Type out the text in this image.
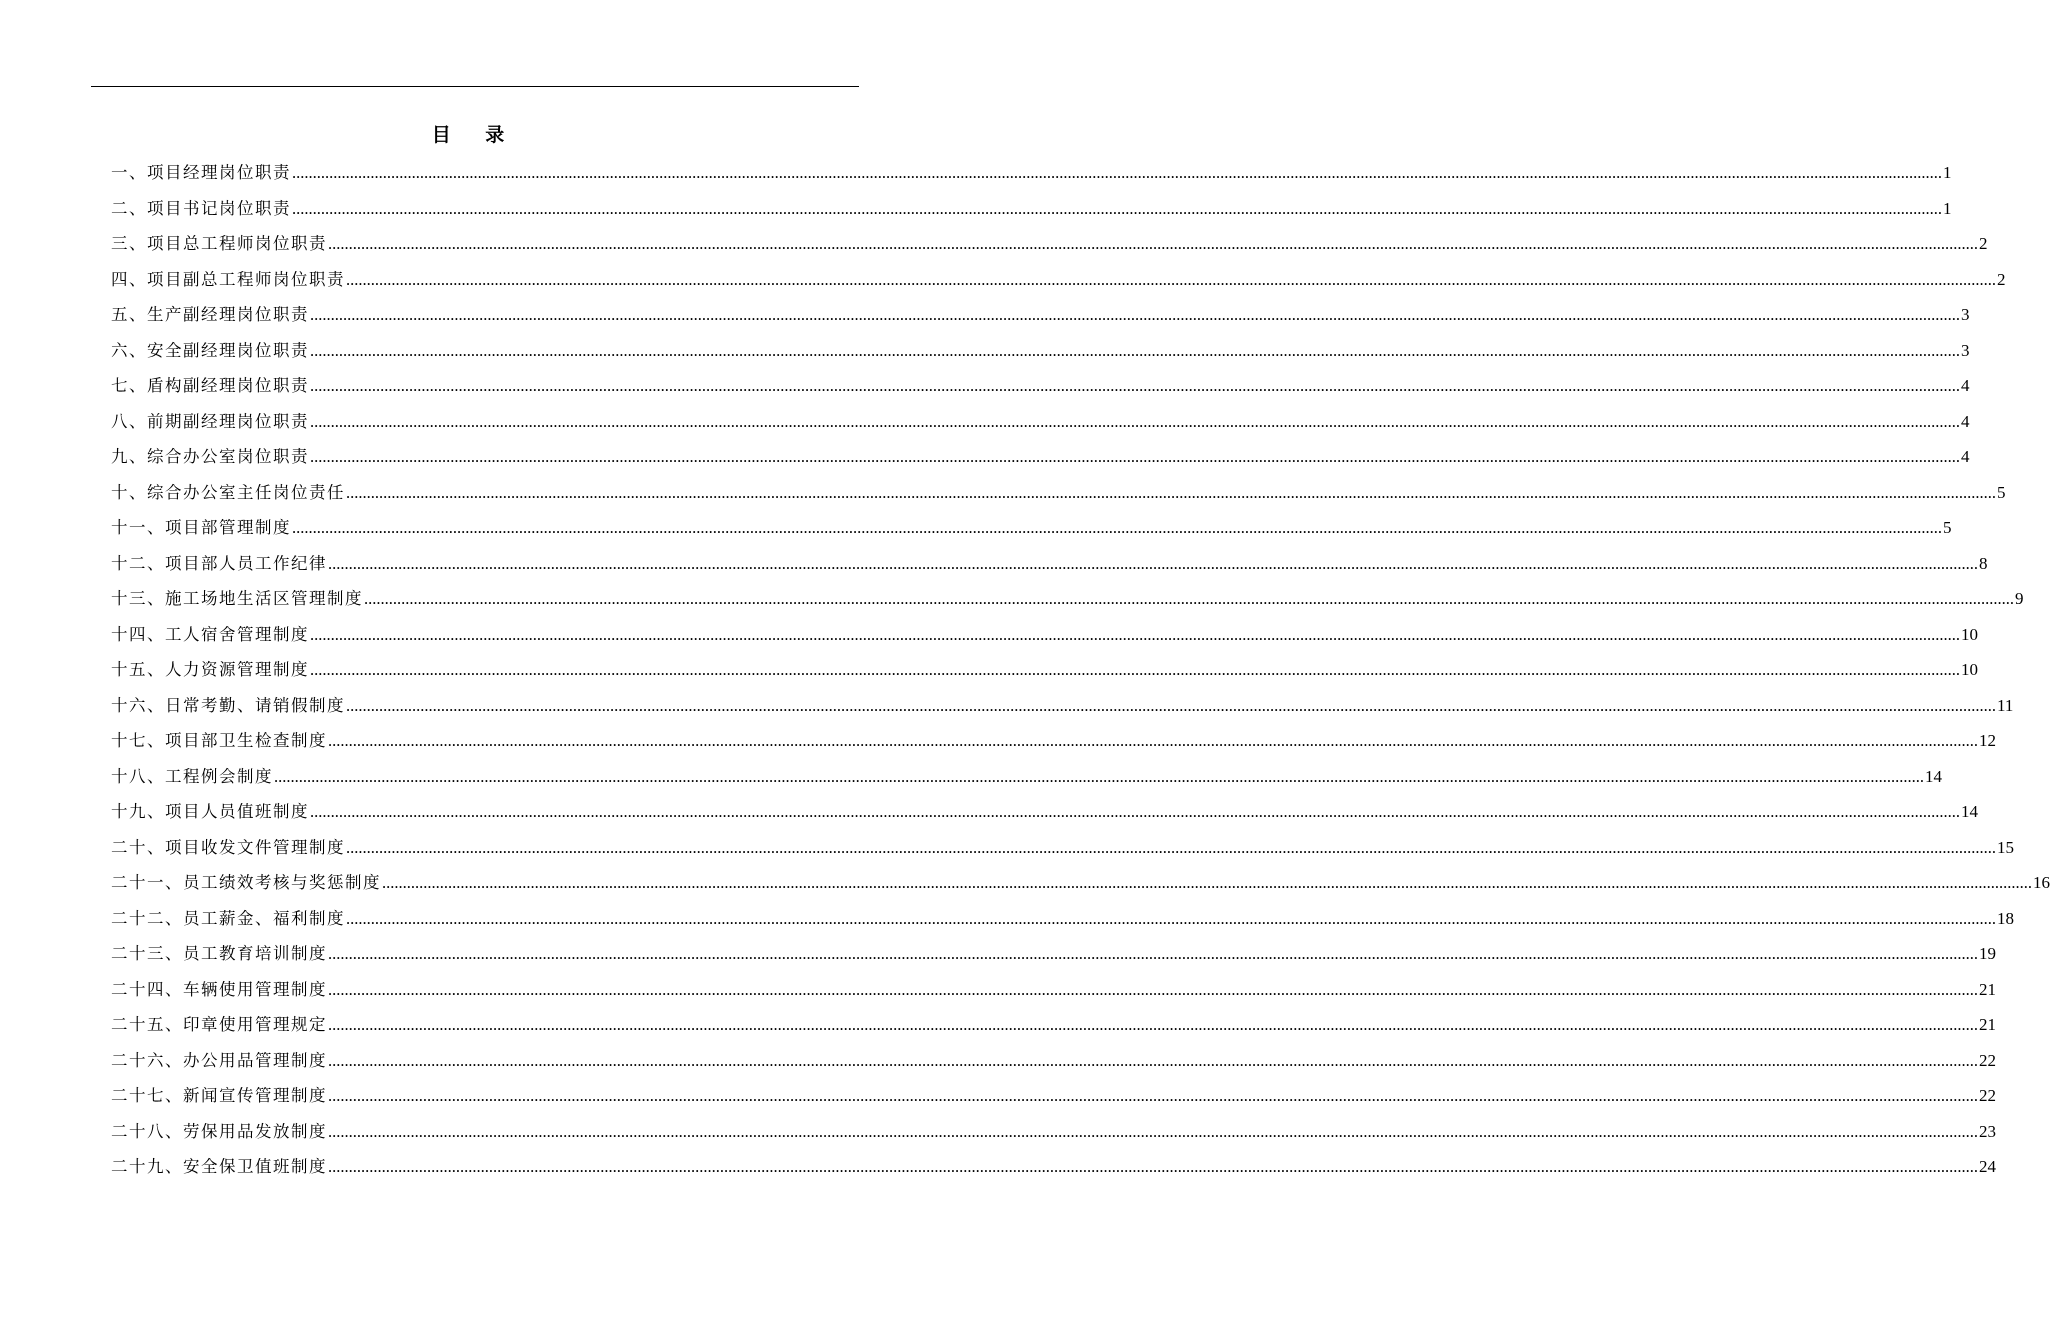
目 录
一、项目经理岗位职责 ................................................................................................................................................................................................................................................................................................................................................................................................................ 1
二、项目书记岗位职责 ................................................................................................................................................................................................................................................................................................................................................................................................................ 1
三、项目总工程师岗位职责 ................................................................................................................................................................................................................................................................................................................................................................................................................ 2
四、项目副总工程师岗位职责 ................................................................................................................................................................................................................................................................................................................................................................................................................ 2
五、生产副经理岗位职责 ................................................................................................................................................................................................................................................................................................................................................................................................................ 3
六、安全副经理岗位职责 ................................................................................................................................................................................................................................................................................................................................................................................................................ 3
七、盾构副经理岗位职责 ................................................................................................................................................................................................................................................................................................................................................................................................................ 4
八、前期副经理岗位职责 ................................................................................................................................................................................................................................................................................................................................................................................................................ 4
九、综合办公室岗位职责 ................................................................................................................................................................................................................................................................................................................................................................................................................ 4
十、综合办公室主任岗位责任 ................................................................................................................................................................................................................................................................................................................................................................................................................ 5
十一、项目部管理制度 ................................................................................................................................................................................................................................................................................................................................................................................................................ 5
十二、项目部人员工作纪律 ................................................................................................................................................................................................................................................................................................................................................................................................................ 8
十三、施工场地生活区管理制度 ................................................................................................................................................................................................................................................................................................................................................................................................................ 9
十四、工人宿舍管理制度 ................................................................................................................................................................................................................................................................................................................................................................................................................ 10
十五、人力资源管理制度 ................................................................................................................................................................................................................................................................................................................................................................................................................ 10
十六、日常考勤、请销假制度 ................................................................................................................................................................................................................................................................................................................................................................................................................ 11
十七、项目部卫生检查制度 ................................................................................................................................................................................................................................................................................................................................................................................................................ 12
十八、工程例会制度 ................................................................................................................................................................................................................................................................................................................................................................................................................ 14
十九、项目人员值班制度 ................................................................................................................................................................................................................................................................................................................................................................................................................ 14
二十、项目收发文件管理制度 ................................................................................................................................................................................................................................................................................................................................................................................................................ 15
二十一、员工绩效考核与奖惩制度 ................................................................................................................................................................................................................................................................................................................................................................................................................ 16
二十二、员工薪金、福利制度 ................................................................................................................................................................................................................................................................................................................................................................................................................ 18
二十三、员工教育培训制度 ................................................................................................................................................................................................................................................................................................................................................................................................................ 19
二十四、车辆使用管理制度 ................................................................................................................................................................................................................................................................................................................................................................................................................ 21
二十五、印章使用管理规定 ................................................................................................................................................................................................................................................................................................................................................................................................................ 21
二十六、办公用品管理制度 ................................................................................................................................................................................................................................................................................................................................................................................................................ 22
二十七、新闻宣传管理制度 ................................................................................................................................................................................................................................................................................................................................................................................................................ 22
二十八、劳保用品发放制度 ................................................................................................................................................................................................................................................................................................................................................................................................................ 23
二十九、安全保卫值班制度 ................................................................................................................................................................................................................................................................................................................................................................................................................ 24
